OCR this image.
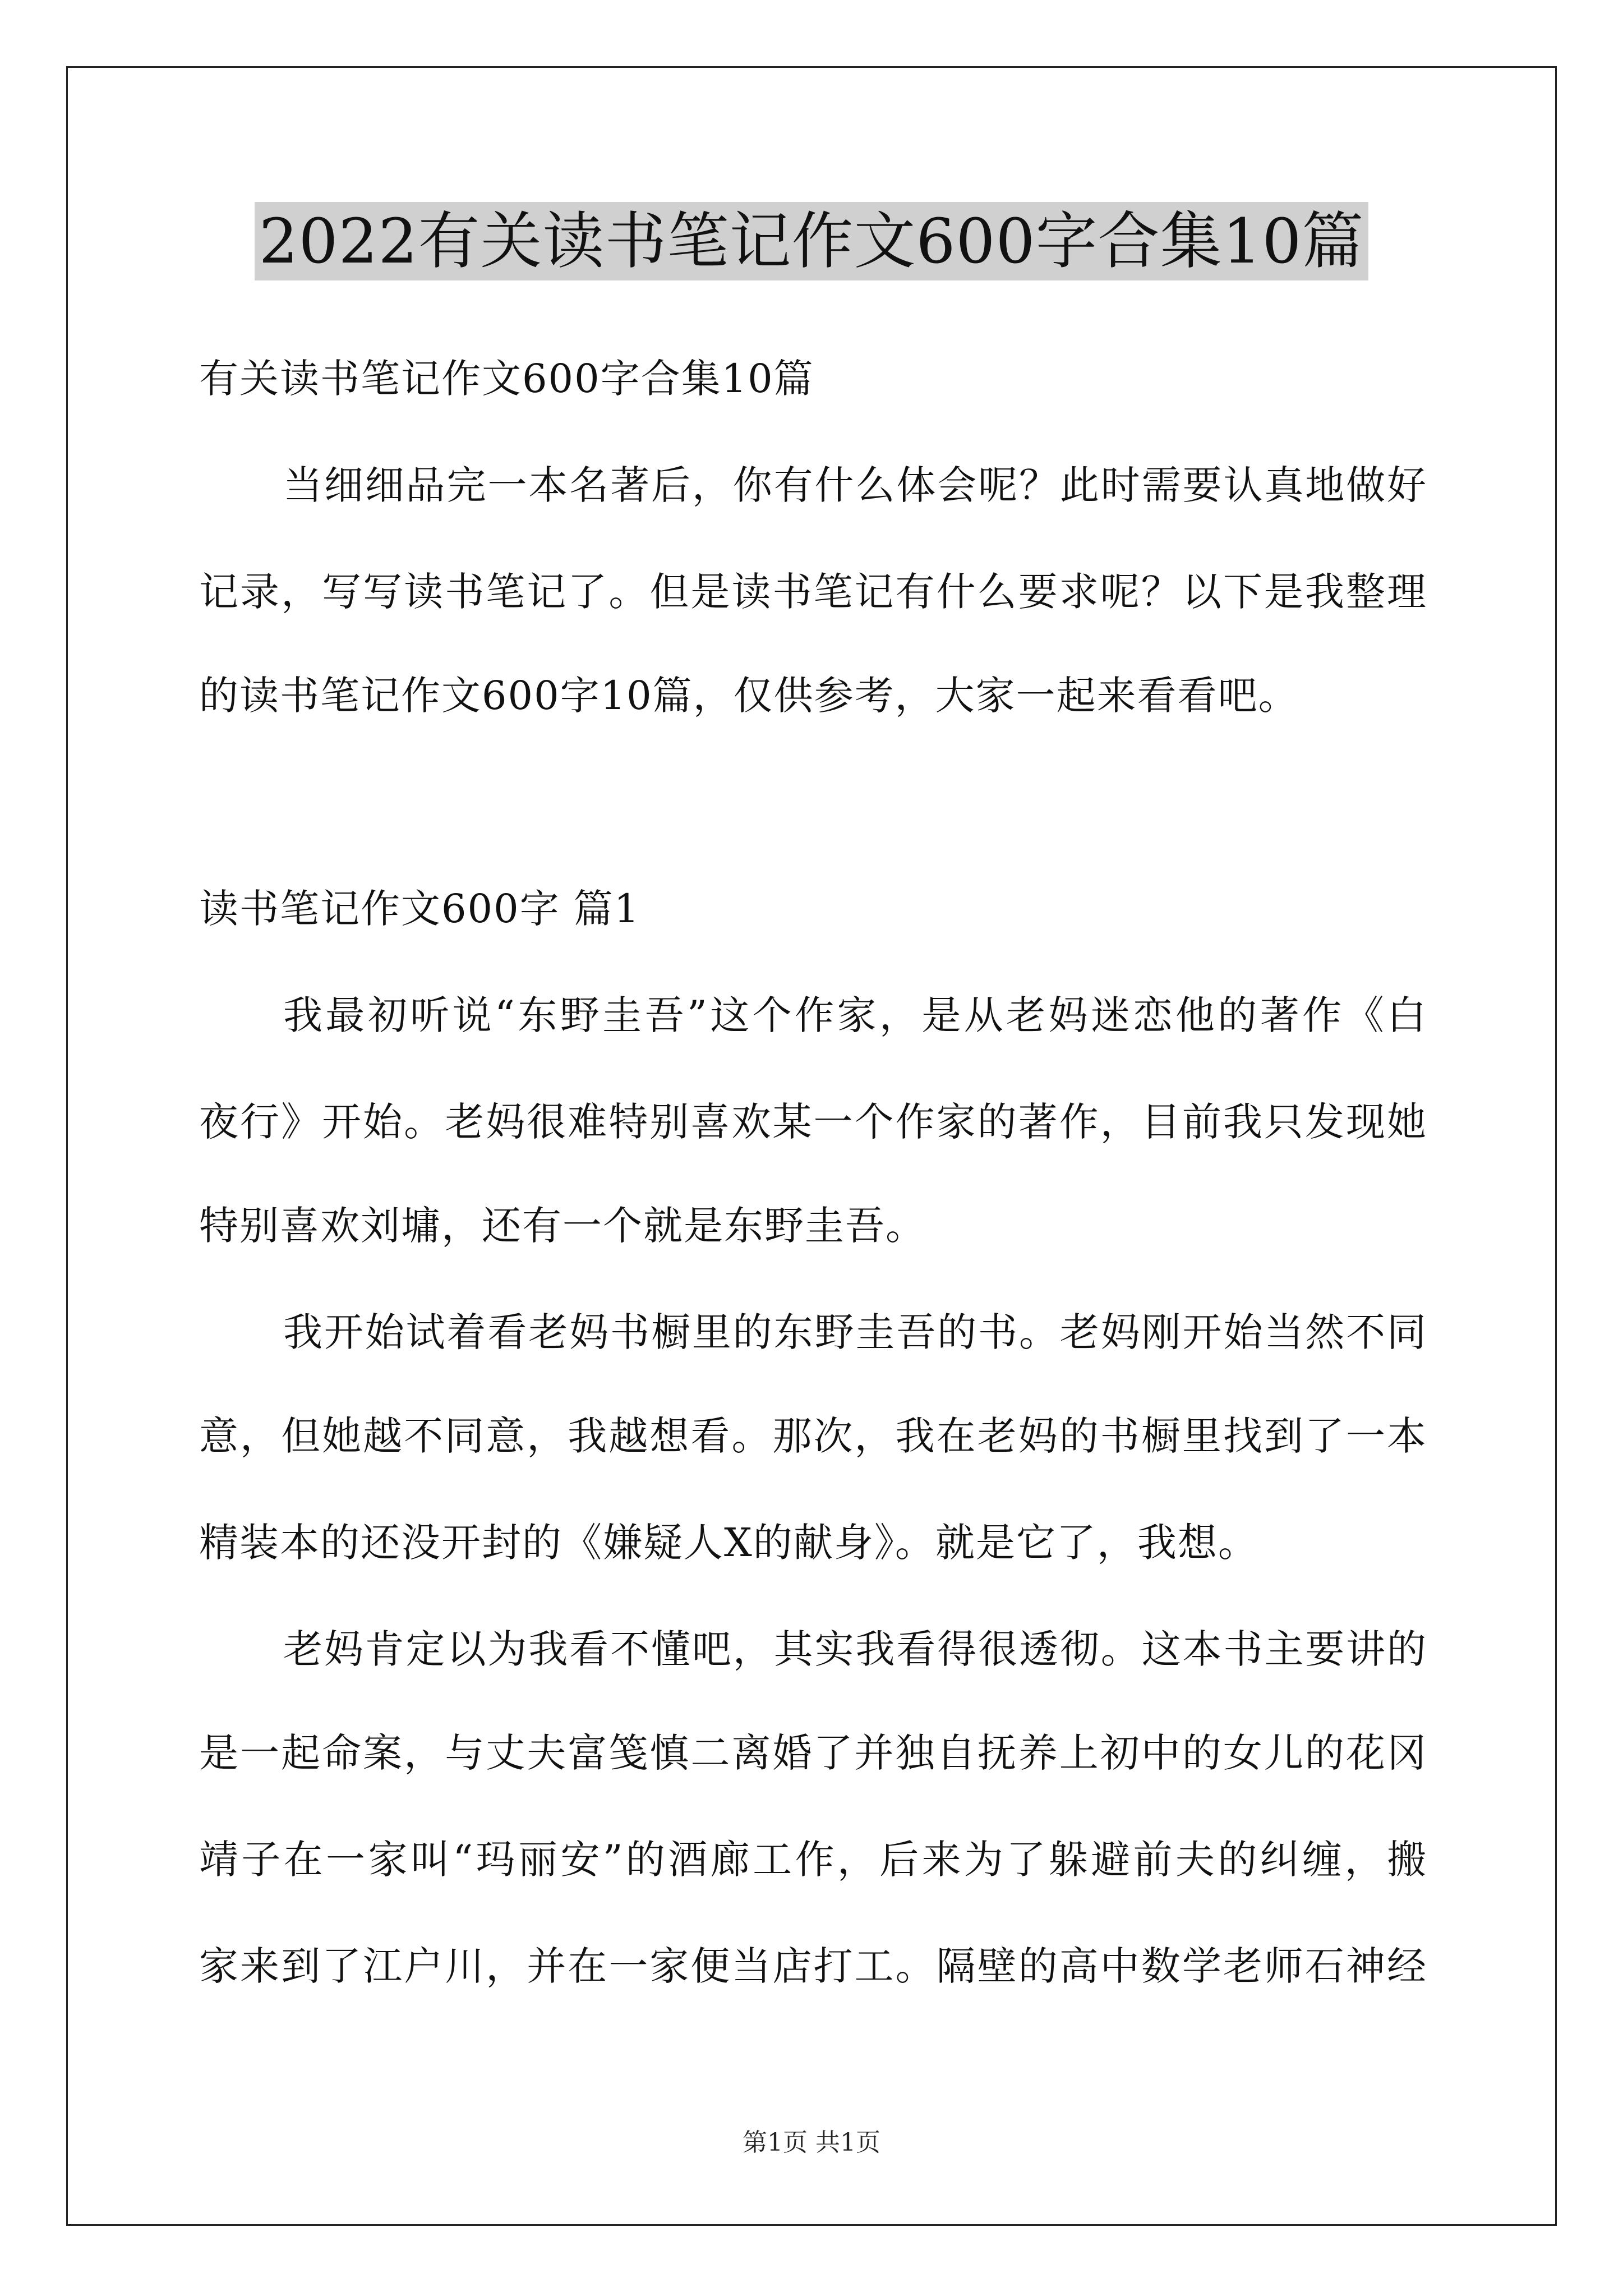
2022有关读书笔记作文600字合集10篇
有关读书笔记作文600字合集10篇
当细细品完一本名著后，你有什么体会呢？此时需要认真地做好
记录，写写读书笔记了。但是读书笔记有什么要求呢？以下是我整理
的读书笔记作文600字10篇，仅供参考，大家一起来看看吧。
读书笔记作文600字 篇1
我最初听说“东野圭吾”这个作家，是从老妈迷恋他的著作《白
夜行》开始。老妈很难特别喜欢某一个作家的著作，目前我只发现她
特别喜欢刘墉，还有一个就是东野圭吾。
我开始试着看老妈书橱里的东野圭吾的书。老妈刚开始当然不同
意，但她越不同意，我越想看。那次，我在老妈的书橱里找到了一本
精装本的还没开封的《嫌疑人X的献身》。就是它了，我想。
老妈肯定以为我看不懂吧，其实我看得很透彻。这本书主要讲的
是一起命案，与丈夫富笺慎二离婚了并独自抚养上初中的女儿的花冈
靖子在一家叫“玛丽安”的酒廊工作，后来为了躲避前夫的纠缠，搬
家来到了江户川，并在一家便当店打工。隔壁的高中数学老师石神经
第1页 共1页
